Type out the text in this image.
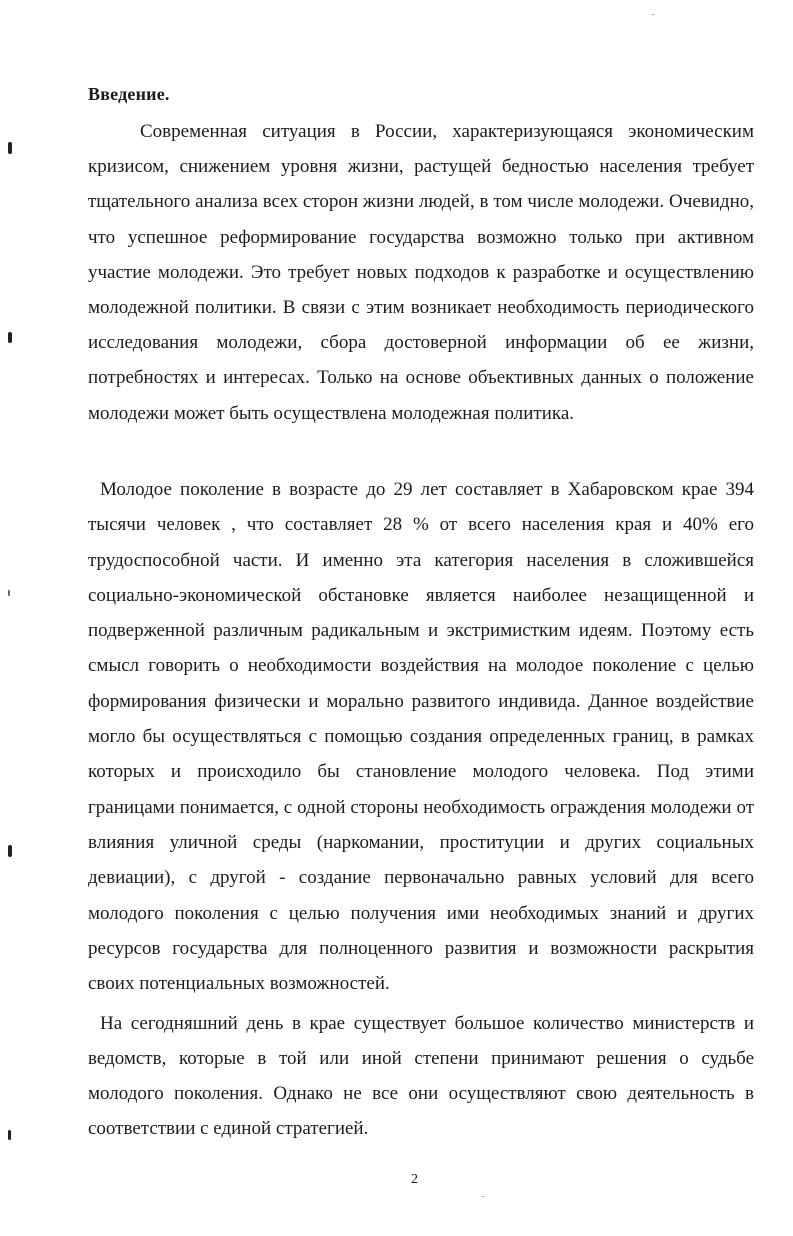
Введение.

Современная ситуация в России, характеризующаяся экономическим кризисом, снижением уровня жизни, растущей бедностью населения требует тщательного анализа всех сторон жизни людей, в том числе молодежи. Очевидно, что успешное реформирование государства возможно только при активном участие молодежи. Это требует новых подходов к разработке и осуществлению молодежной политики. В связи с этим возникает необходимость периодического исследования молодежи, сбора достоверной информации об ее жизни, потребностях и интересах. Только на основе объективных данных о положение молодежи может быть осуществлена молодежная политика.

Молодое поколение в возрасте до 29 лет составляет в Хабаровском крае 394 тысячи человек , что составляет 28 % от всего населения края и 40% его трудоспособной части. И именно эта категория населения в сложившейся социально-экономической обстановке является наиболее незащищенной и подверженной различным радикальным и экстримистким идеям. Поэтому есть смысл говорить о необходимости воздействия на молодое поколение с целью формирования физически и морально развитого индивида. Данное воздействие могло бы осуществляться с помощью создания определенных границ, в рамках которых и происходило бы становление молодого человека. Под этими границами понимается, с одной стороны необходимость ограждения молодежи от влияния уличной среды (наркомании, проституции и других социальных девиации), с другой - создание первоначально равных условий для всего молодого поколения с целью получения ими необходимых знаний и других ресурсов государства для полноценного развития и возможности раскрытия своих потенциальных возможностей.

На сегодняшний день в крае существует большое количество министерств и ведомств, которые в той или иной степени принимают решения о судьбе молодого поколения. Однако не все они осуществляют свою деятельность в соответствии с единой стратегией.

2
